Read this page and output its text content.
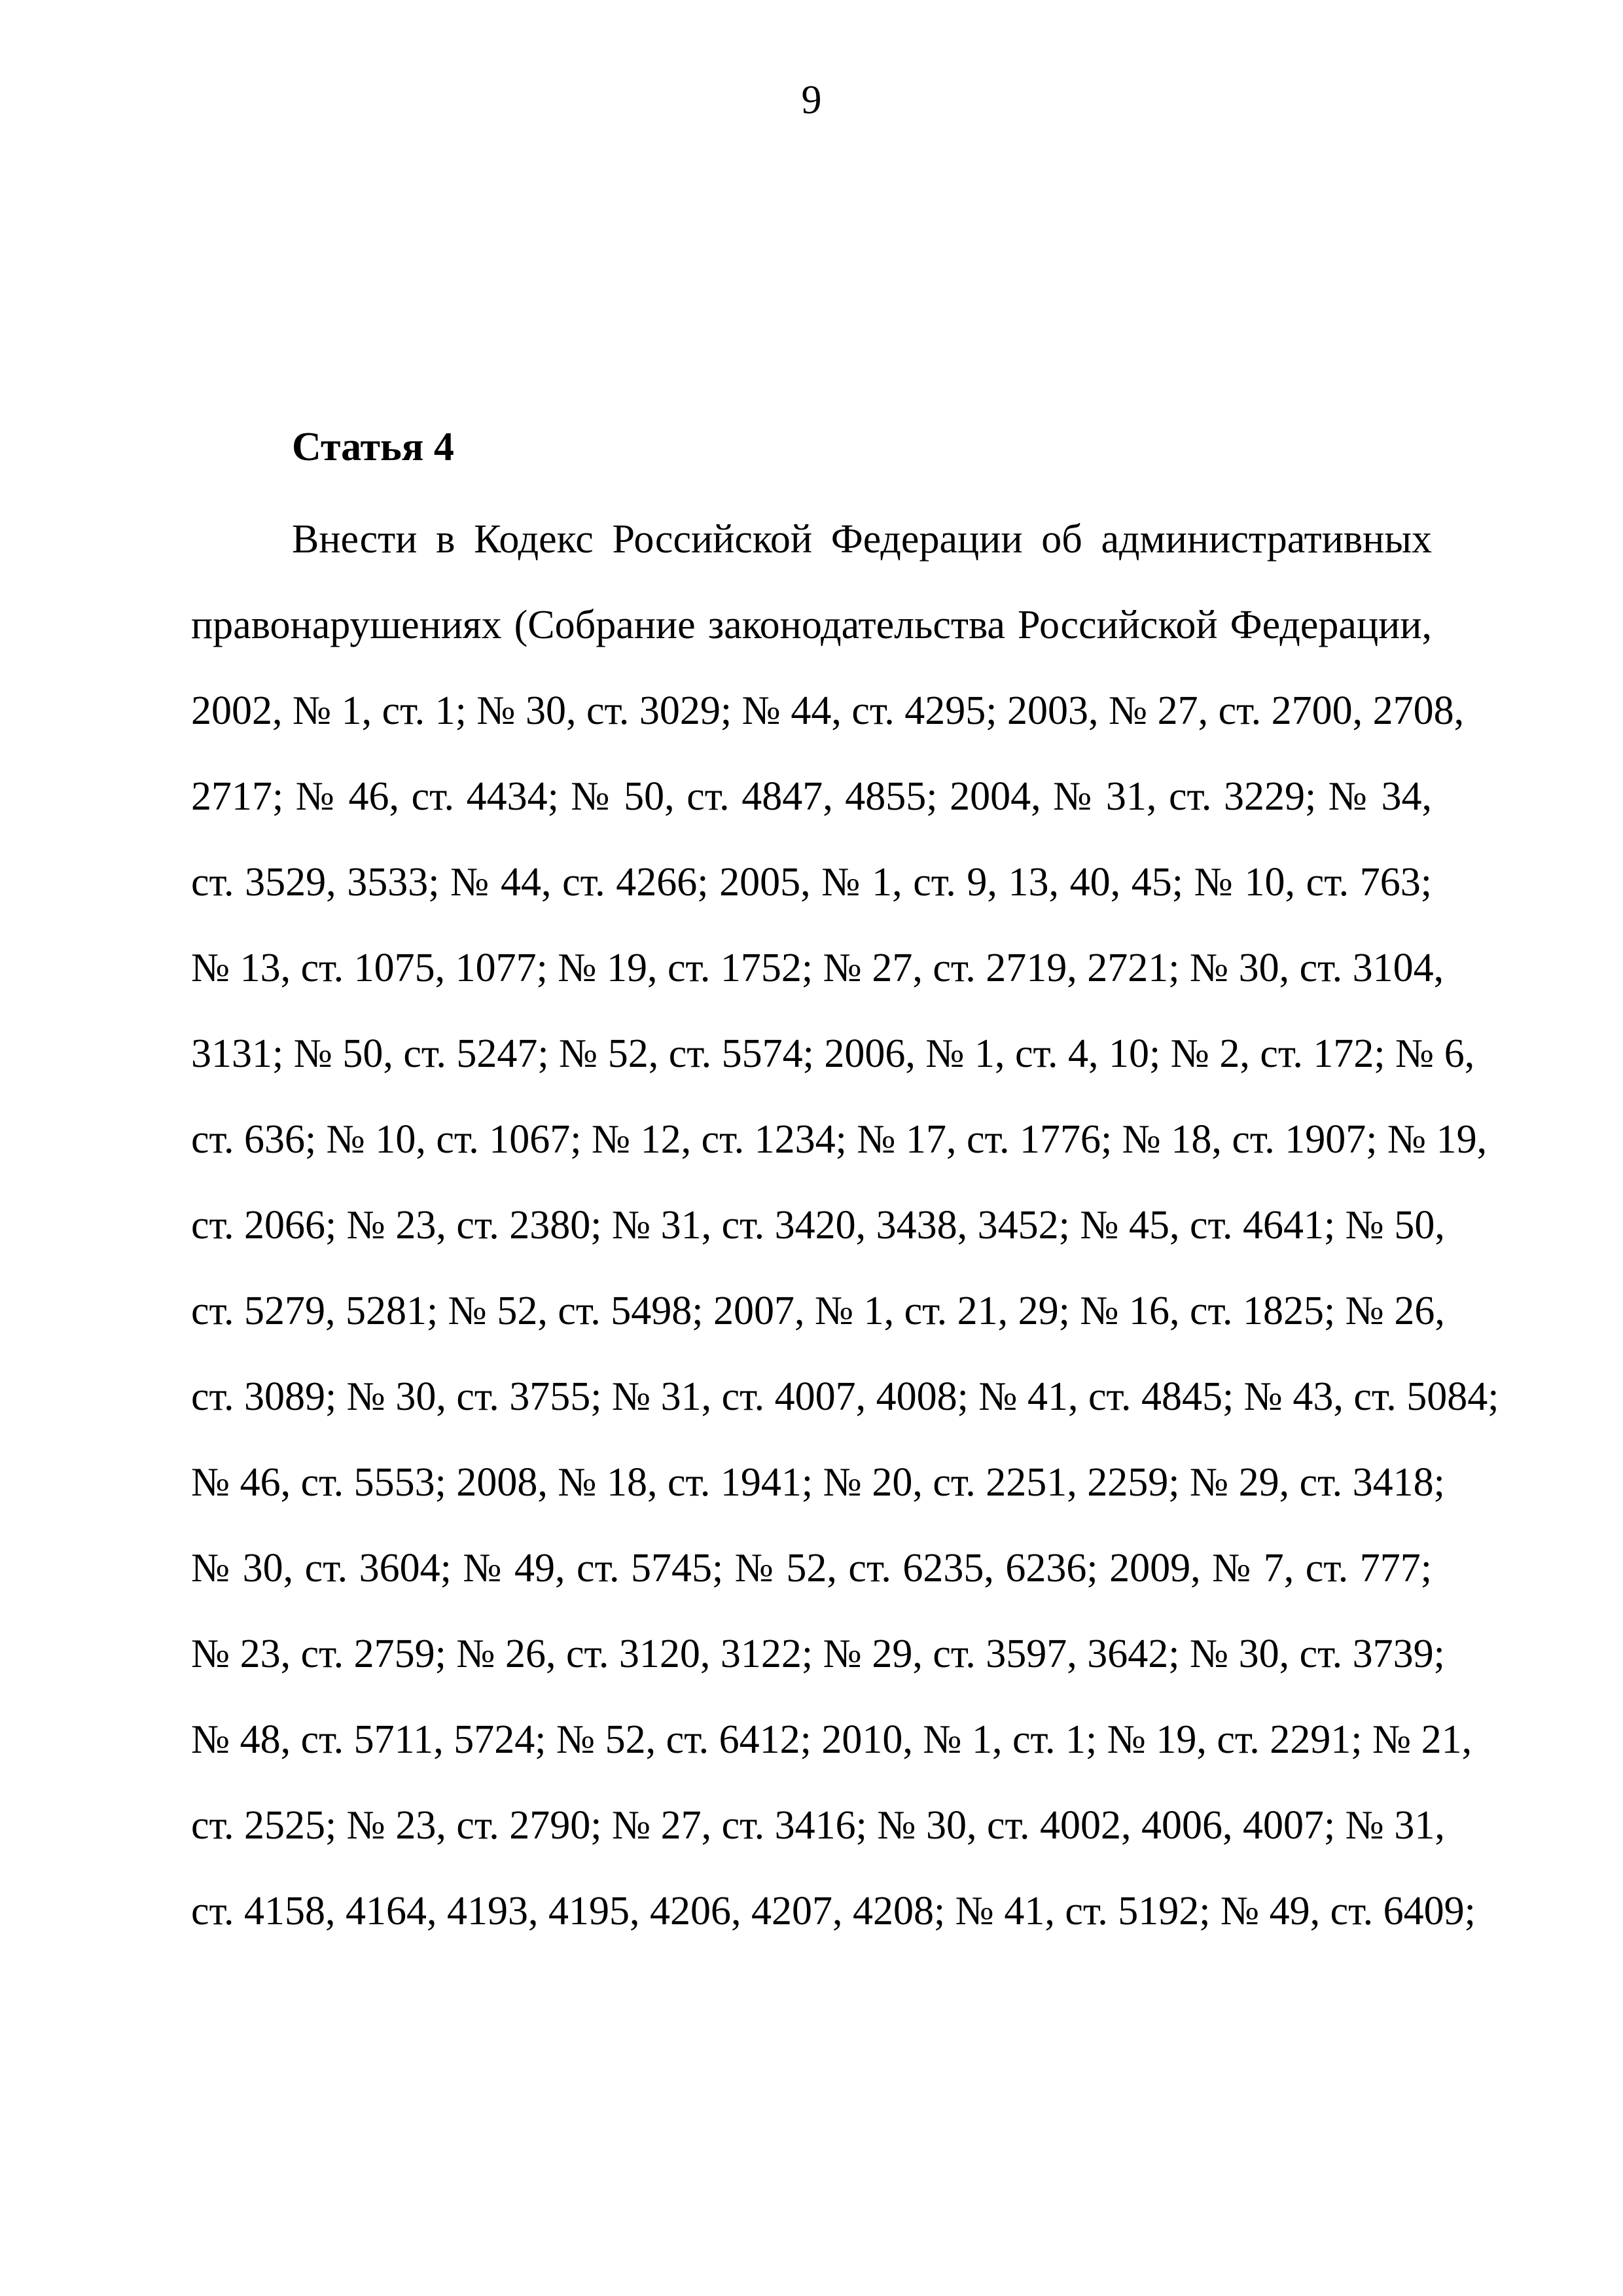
9
Статья 4
Внести в Кодекс Российской Федерации об административных
правонарушениях (Собрание законодательства Российской Федерации,
2002, № 1, ст. 1; № 30, ст. 3029; № 44, ст. 4295; 2003, № 27, ст. 2700, 2708,
2717; № 46, ст. 4434; № 50, ст. 4847, 4855; 2004, № 31, ст. 3229; № 34,
ст. 3529, 3533; № 44, ст. 4266; 2005, № 1, ст. 9, 13, 40, 45; № 10, ст. 763;
№ 13, ст. 1075, 1077; № 19, ст. 1752; № 27, ст. 2719, 2721; № 30, ст. 3104,
3131; № 50, ст. 5247; № 52, ст. 5574; 2006, № 1, ст. 4, 10; № 2, ст. 172; № 6,
ст. 636; № 10, ст. 1067; № 12, ст. 1234; № 17, ст. 1776; № 18, ст. 1907; № 19,
ст. 2066; № 23, ст. 2380; № 31, ст. 3420, 3438, 3452; № 45, ст. 4641; № 50,
ст. 5279, 5281; № 52, ст. 5498; 2007, № 1, ст. 21, 29; № 16, ст. 1825; № 26,
ст. 3089; № 30, ст. 3755; № 31, ст. 4007, 4008; № 41, ст. 4845; № 43, ст. 5084;
№ 46, ст. 5553; 2008, № 18, ст. 1941; № 20, ст. 2251, 2259; № 29, ст. 3418;
№ 30, ст. 3604; № 49, ст. 5745; № 52, ст. 6235, 6236; 2009, № 7, ст. 777;
№ 23, ст. 2759; № 26, ст. 3120, 3122; № 29, ст. 3597, 3642; № 30, ст. 3739;
№ 48, ст. 5711, 5724; № 52, ст. 6412; 2010, № 1, ст. 1; № 19, ст. 2291; № 21,
ст. 2525; № 23, ст. 2790; № 27, ст. 3416; № 30, ст. 4002, 4006, 4007; № 31,
ст. 4158, 4164, 4193, 4195, 4206, 4207, 4208; № 41, ст. 5192; № 49, ст. 6409;
